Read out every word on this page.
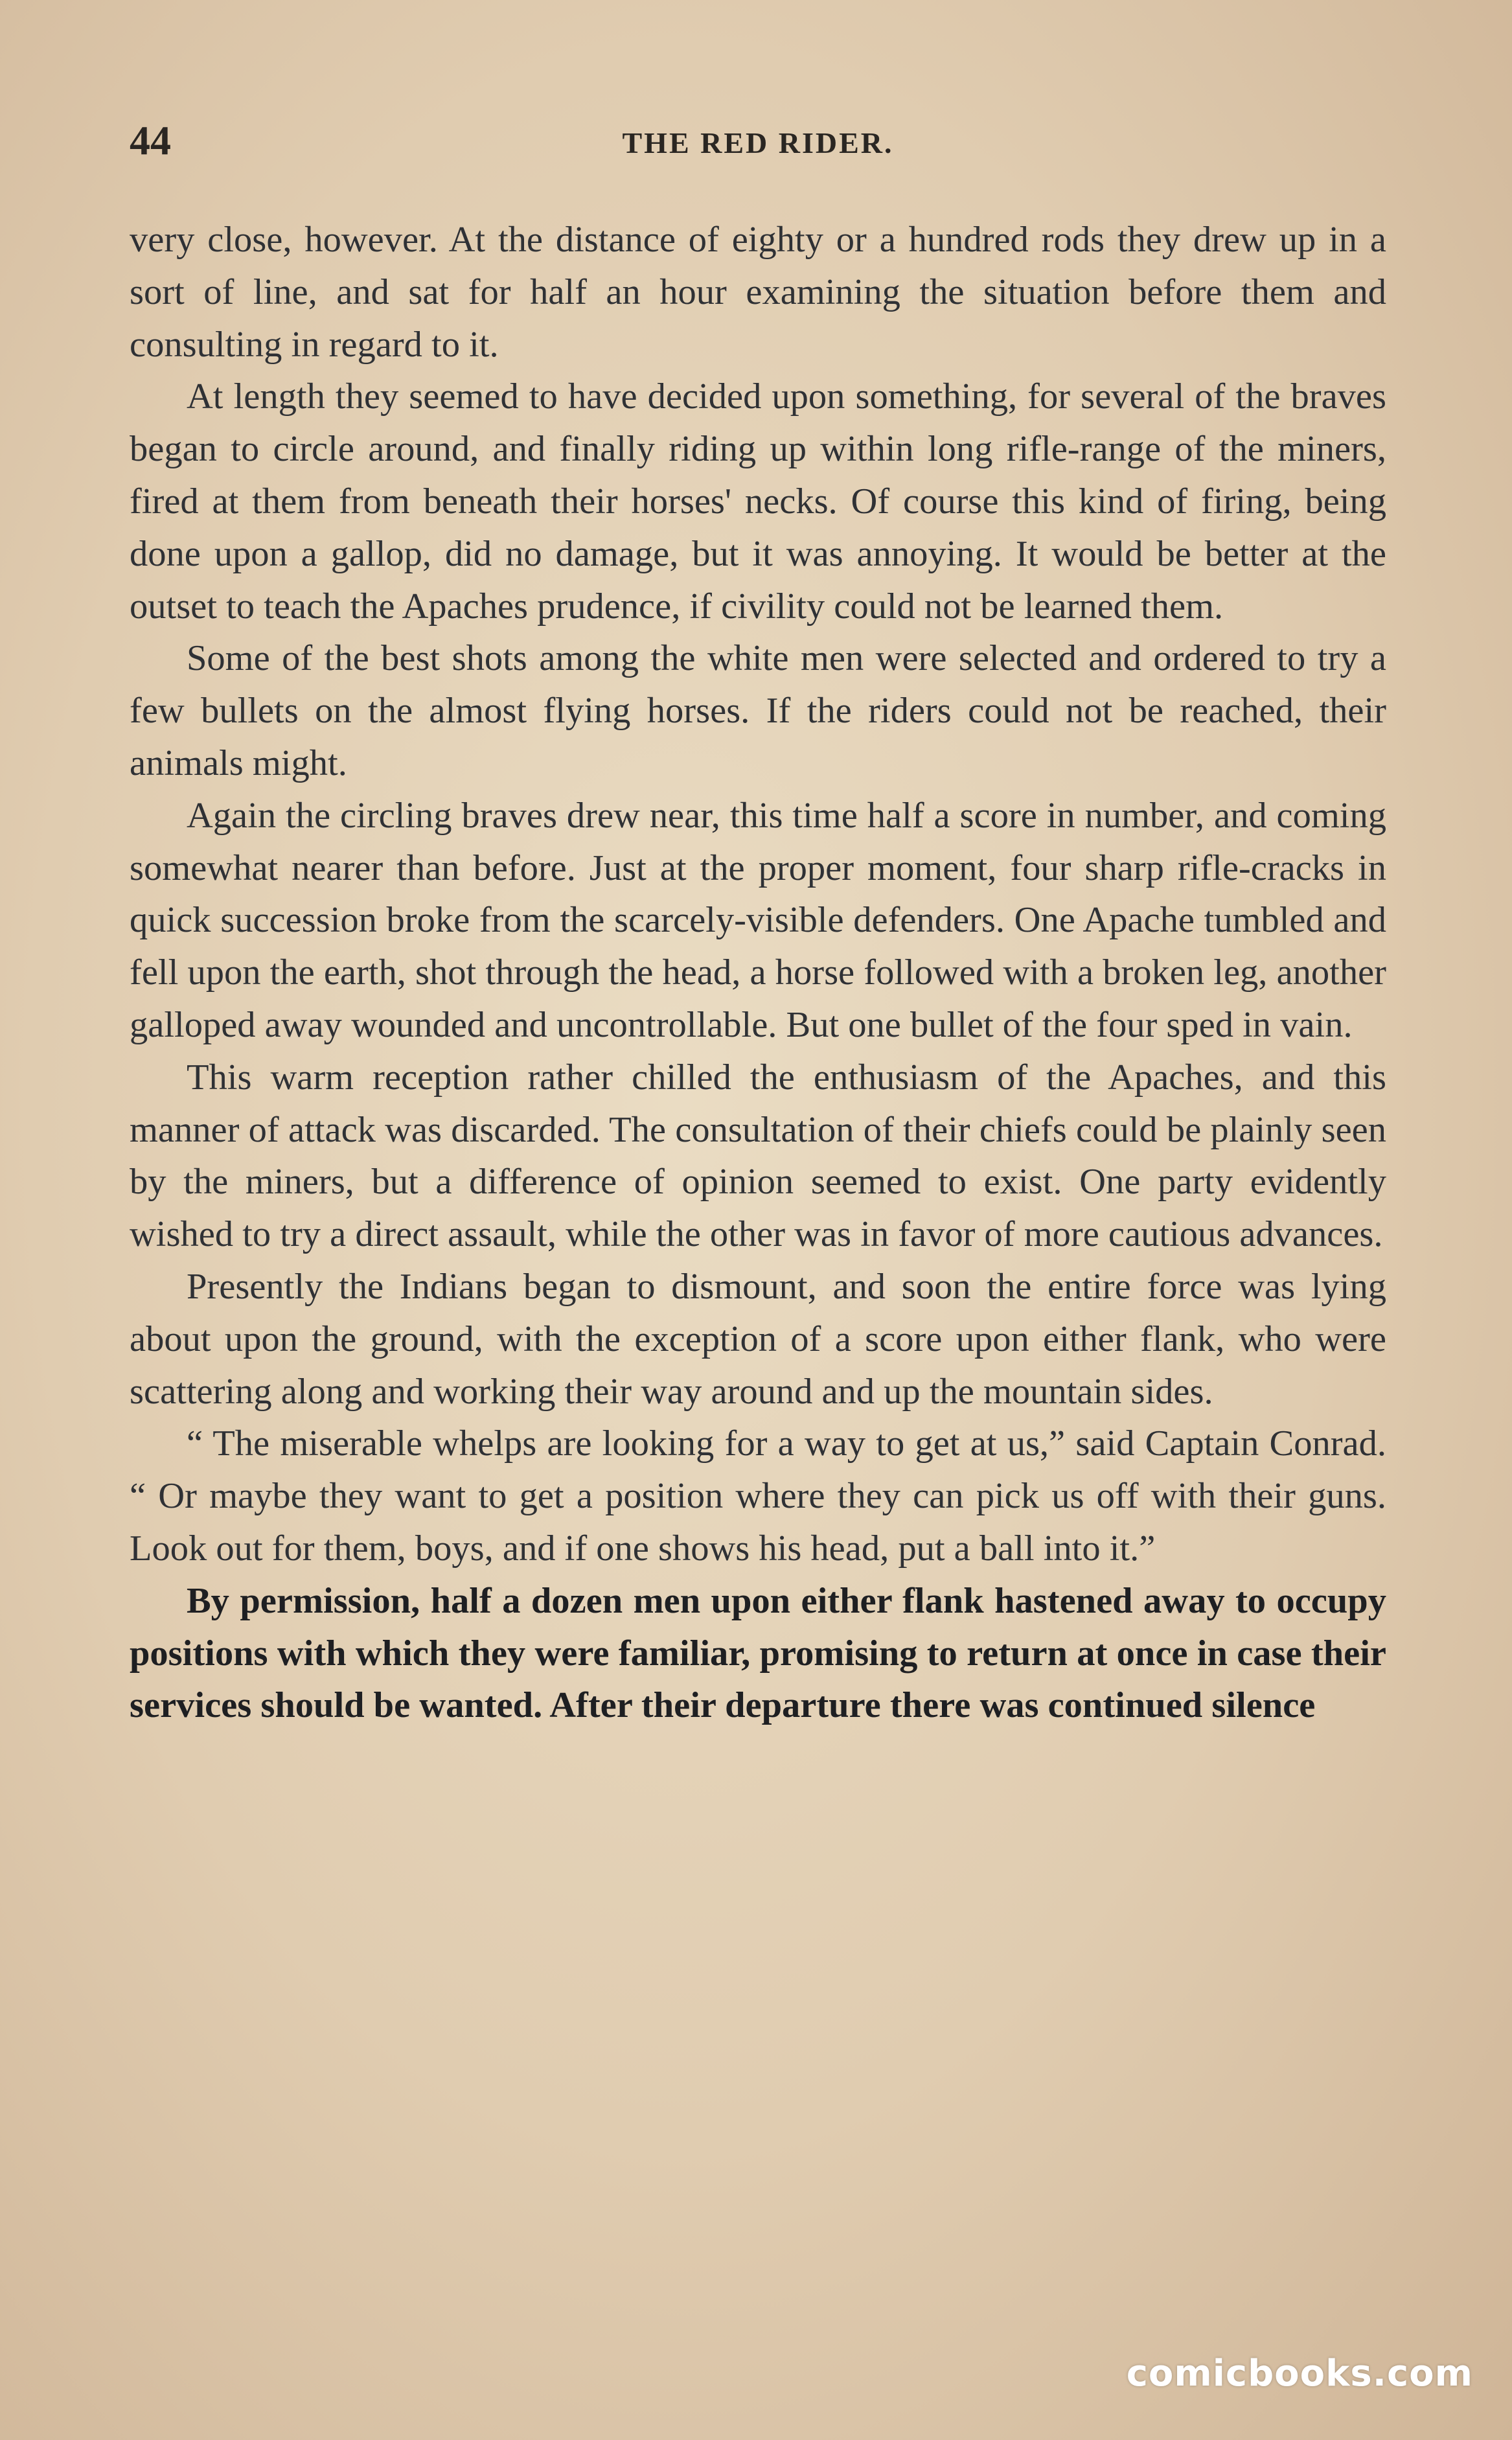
44	THE RED RIDER.

very close, however. At the distance of eighty or a hundred rods they drew up in a sort of line, and sat for half an hour examining the situation before them and consulting in regard to it.

At length they seemed to have decided upon something, for several of the braves began to circle around, and finally riding up within long rifle-range of the miners, fired at them from beneath their horses' necks. Of course this kind of firing, being done upon a gallop, did no damage, but it was annoying. It would be better at the outset to teach the Apaches prudence, if civility could not be learned them.

Some of the best shots among the white men were selected and ordered to try a few bullets on the almost flying horses. If the riders could not be reached, their animals might.

Again the circling braves drew near, this time half a score in number, and coming somewhat nearer than before. Just at the proper moment, four sharp rifle-cracks in quick succession broke from the scarcely-visible defenders. One Apache tumbled and fell upon the earth, shot through the head, a horse followed with a broken leg, another galloped away wounded and uncontrollable. But one bullet of the four sped in vain.

This warm reception rather chilled the enthusiasm of the Apaches, and this manner of attack was discarded. The consultation of their chiefs could be plainly seen by the miners, but a difference of opinion seemed to exist. One party evidently wished to try a direct assault, while the other was in favor of more cautious advances.

Presently the Indians began to dismount, and soon the entire force was lying about upon the ground, with the exception of a score upon either flank, who were scattering along and working their way around and up the mountain sides.

“ The miserable whelps are looking for a way to get at us,” said Captain Conrad. “ Or maybe they want to get a position where they can pick us off with their guns. Look out for them, boys, and if one shows his head, put a ball into it.”

By permission, half a dozen men upon either flank hastened away to occupy positions with which they were familiar, promising to return at once in case their services should be wanted. After their departure there was continued silence

comicbooks.com
